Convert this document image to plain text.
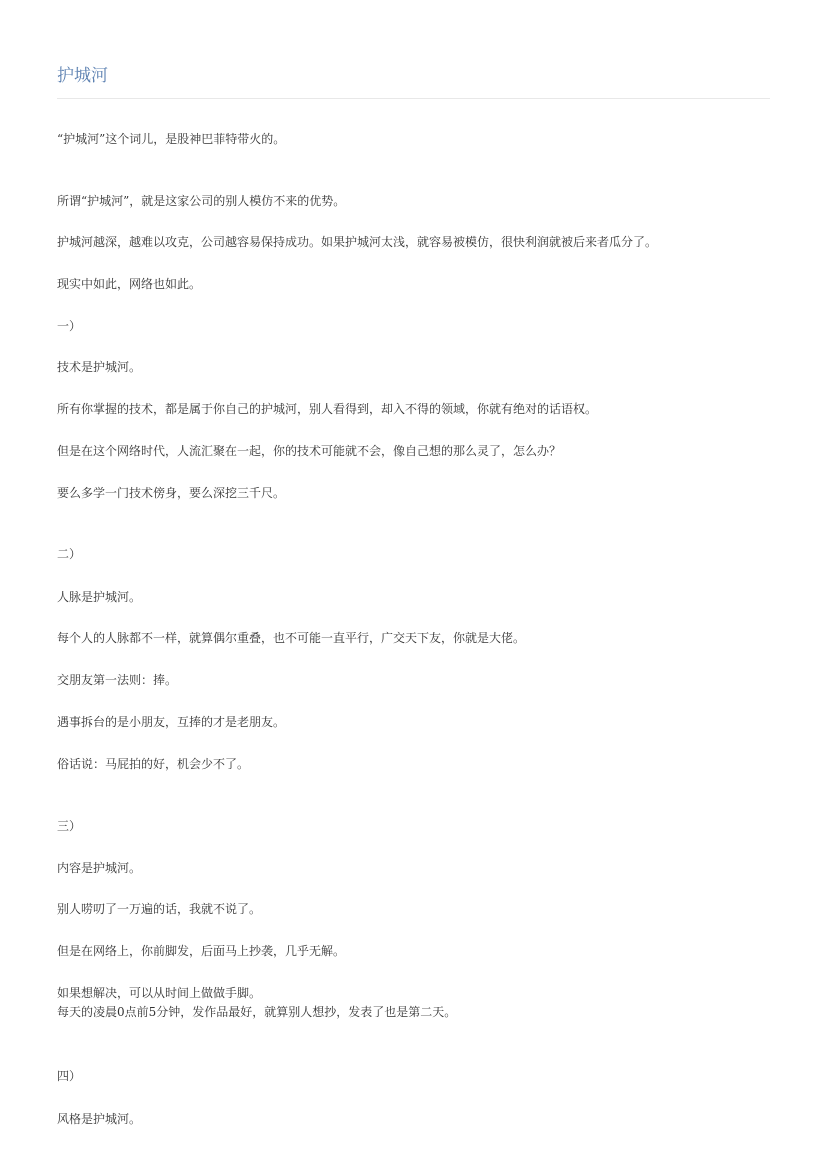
护城河
“护城河”这个词儿，是股神巴菲特带火的。
所谓“护城河”，就是这家公司的别人模仿不来的优势。
护城河越深，越难以攻克，公司越容易保持成功。如果护城河太浅，就容易被模仿，很快利润就被后来者瓜分了。
现实中如此，网络也如此。
一）
技术是护城河。
所有你掌握的技术，都是属于你自己的护城河，别人看得到，却入不得的领域，你就有绝对的话语权。
但是在这个网络时代，人流汇聚在一起，你的技术可能就不会，像自己想的那么灵了，怎么办？
要么多学一门技术傍身，要么深挖三千尺。
二）
人脉是护城河。
每个人的人脉都不一样，就算偶尔重叠，也不可能一直平行，广交天下友，你就是大佬。
交朋友第一法则：捧。
遇事拆台的是小朋友，互捧的才是老朋友。
俗话说：马屁拍的好，机会少不了。
三）
内容是护城河。
别人唠叨了一万遍的话，我就不说了。
但是在网络上，你前脚发，后面马上抄袭，几乎无解。
如果想解决，可以从时间上做做手脚。
每天的凌晨0点前5分钟，发作品最好，就算别人想抄，发表了也是第二天。
四）
风格是护城河。
